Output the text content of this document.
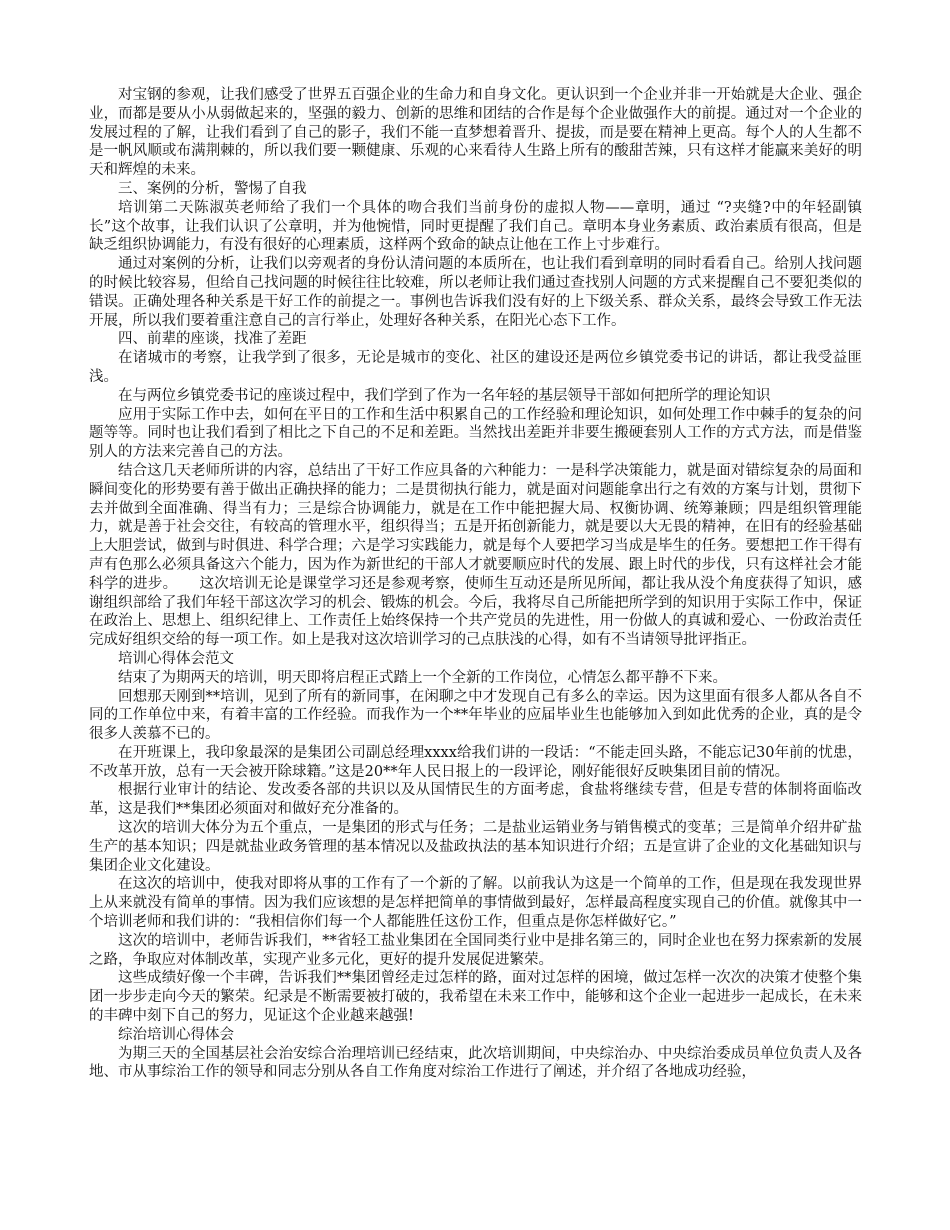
对宝钢的参观，让我们感受了世界五百强企业的生命力和自身文化。更认识到一个企业并非一开始就是大企业、强企业，而都是要从小从弱做起来的，坚强的毅力、创新的思维和团结的合作是每个企业做强作大的前提。通过对一个企业的发展过程的了解，让我们看到了自己的影子，我们不能一直梦想着晋升、提拔，而是要在精神上更高。每个人的人生都不是一帆风顺或布满荆棘的，所以我们要一颗健康、乐观的心来看待人生路上所有的酸甜苦辣，只有这样才能赢来美好的明天和辉煌的未来。

三、案例的分析，警惕了自我

培训第二天陈淑英老师给了我们一个具体的吻合我们当前身份的虚拟人物——章明，通过 “?夹缝?中的年轻副镇长”这个故事，让我们认识了公章明，并为他惋惜，同时更提醒了我们自己。章明本身业务素质、政治素质有很高，但是缺乏组织协调能力，有没有很好的心理素质，这样两个致命的缺点让他在工作上寸步难行。

通过对案例的分析，让我们以旁观者的身份认清问题的本质所在，也让我们看到章明的同时看看自己。给别人找问题的时候比较容易，但给自己找问题的时候往往比较难，所以老师让我们通过查找别人问题的方式来提醒自己不要犯类似的错误。正确处理各种关系是干好工作的前提之一。事例也告诉我们没有好的上下级关系、群众关系，最终会导致工作无法开展，所以我们要着重注意自己的言行举止，处理好各种关系，在阳光心态下工作。

四、前辈的座谈，找准了差距

在诸城市的考察，让我学到了很多，无论是城市的变化、社区的建设还是两位乡镇党委书记的讲话，都让我受益匪浅。

在与两位乡镇党委书记的座谈过程中，我们学到了作为一名年轻的基层领导干部如何把所学的理论知识

应用于实际工作中去，如何在平日的工作和生活中积累自己的工作经验和理论知识，如何处理工作中棘手的复杂的问题等等。同时也让我们看到了相比之下自己的不足和差距。当然找出差距并非要生搬硬套别人工作的方式方法，而是借鉴别人的方法来完善自己的方法。

结合这几天老师所讲的内容，总结出了干好工作应具备的六种能力：一是科学决策能力，就是面对错综复杂的局面和瞬间变化的形势要有善于做出正确抉择的能力；二是贯彻执行能力，就是面对问题能拿出行之有效的方案与计划，贯彻下去并做到全面准确、得当有力；三是综合协调能力，就是在工作中能把握大局、权衡协调、统筹兼顾；四是组织管理能力，就是善于社会交往，有较高的管理水平，组织得当；五是开拓创新能力，就是要以大无畏的精神，在旧有的经验基础上大胆尝试，做到与时俱进、科学合理；六是学习实践能力，就是每个人要把学习当成是毕生的任务。要想把工作干得有声有色那么必须具备这六个能力，因为作为新世纪的干部人才就要顺应时代的发展、跟上时代的步伐，只有这样社会才能科学的进步。　　这次培训无论是课堂学习还是参观考察，使师生互动还是所见所闻，都让我从没个角度获得了知识，感谢组织部给了我们年轻干部这次学习的机会、锻炼的机会。今后，我将尽自己所能把所学到的知识用于实际工作中，保证在政治上、思想上、组织纪律上、工作责任上始终保持一个共产党员的先进性，用一份做人的真诚和爱心、一份政治责任完成好组织交给的每一项工作。如上是我对这次培训学习的己点肤浅的心得，如有不当请领导批评指正。

培训心得体会范文

结束了为期两天的培训，明天即将启程正式踏上一个全新的工作岗位，心情怎么都平静不下来。

回想那天刚到**培训，见到了所有的新同事，在闲聊之中才发现自己有多么的幸运。因为这里面有很多人都从各自不同的工作单位中来，有着丰富的工作经验。而我作为一个**年毕业的应届毕业生也能够加入到如此优秀的企业，真的是令很多人羡慕不已的。

在开班课上，我印象最深的是集团公司副总经理xxxx给我们讲的一段话：“不能走回头路，不能忘记30年前的忧患，不改革开放，总有一天会被开除球籍。”这是20**年人民日报上的一段评论，刚好能很好反映集团目前的情况。

根据行业审计的结论、发改委各部的共识以及从国情民生的方面考虑，食盐将继续专营，但是专营的体制将面临改革，这是我们**集团必须面对和做好充分准备的。

这次的培训大体分为五个重点，一是集团的形式与任务；二是盐业运销业务与销售模式的变革；三是简单介绍井矿盐生产的基本知识；四是就盐业政务管理的基本情况以及盐政执法的基本知识进行介绍；五是宣讲了企业的文化基础知识与集团企业文化建设。

在这次的培训中，使我对即将从事的工作有了一个新的了解。以前我认为这是一个简单的工作，但是现在我发现世界上从来就没有简单的事情。因为我们应该想的是怎样把简单的事情做到最好，怎样最高程度实现自己的价值。就像其中一个培训老师和我们讲的：“我相信你们每一个人都能胜任这份工作，但重点是你怎样做好它。”

这次的培训中，老师告诉我们，**省轻工盐业集团在全国同类行业中是排名第三的，同时企业也在努力探索新的发展之路，争取应对体制改革，实现产业多元化，更好的提升发展促进繁荣。

这些成绩好像一个丰碑，告诉我们**集团曾经走过怎样的路，面对过怎样的困境，做过怎样一次次的决策才使整个集团一步步走向今天的繁荣。纪录是不断需要被打破的，我希望在未来工作中，能够和这个企业一起进步一起成长，在未来的丰碑中刻下自己的努力，见证这个企业越来越强!

综治培训心得体会

为期三天的全国基层社会治安综合治理培训已经结束，此次培训期间，中央综治办、中央综治委成员单位负责人及各地、市从事综治工作的领导和同志分别从各自工作角度对综治工作进行了阐述，并介绍了各地成功经验，
